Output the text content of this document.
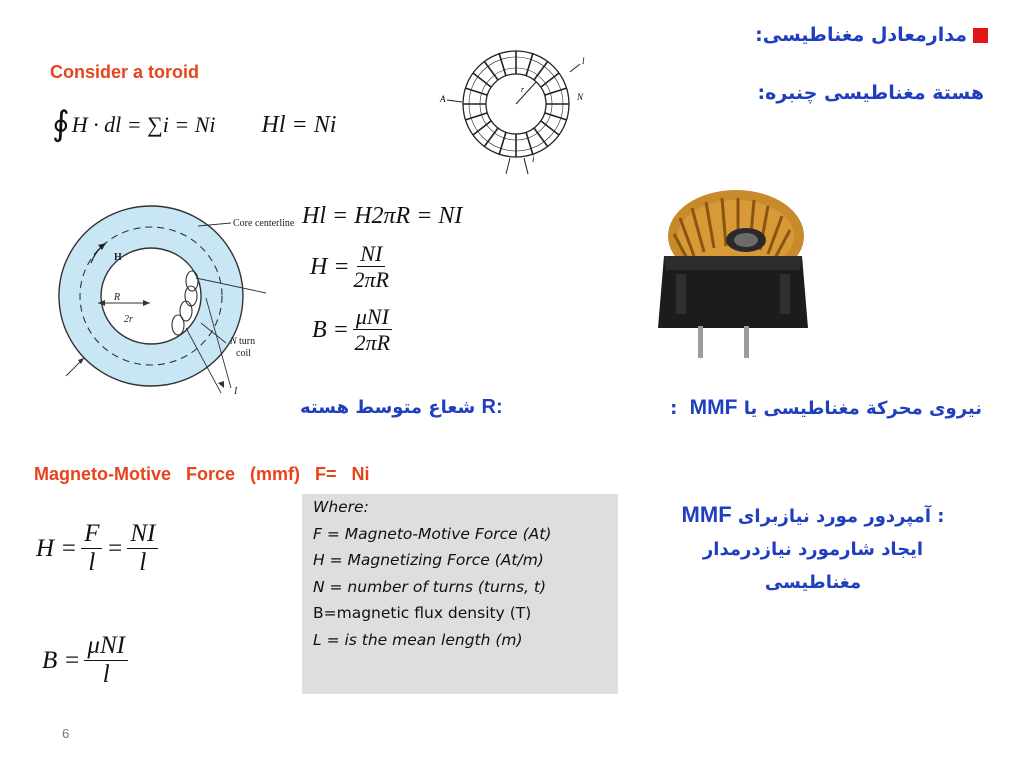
مدارمعادل مغناطیسی:
هستة مغناطیسی چنبره:
Consider a toroid
∮ H · dl = ∑i = Ni Hl = Ni
A	N
l
r
i
Core centerline
H
R
2r
N turn
coil
I
Hl = H2πR = NI
$H = \frac{NI}{2\pi R}$
$B = \frac{\text{μNI}}{2\pi R}$
R: شعاع متوسط هسته	نیروی محرکة مغناطیسی یا MMF :
Magneto-Motive   Force   (mmf)   F=   Ni
$H = \frac{F}{l} = \frac{NI}{l}$
$B = \frac{\text{μNI}}{l}$
Where:
F = Magneto-Motive Force (At)
H = Magnetizing Force (At/m)
N = number of turns (turns, t)
B=magnetic flux density (T)
L = is the mean length (m)
: آمپردور مورد نیازبرای MMF
ایجاد شارمورد نیازدرمدار
مغناطیسی
6
